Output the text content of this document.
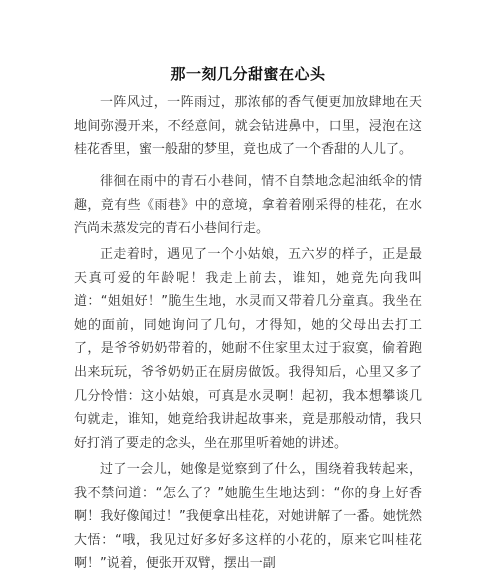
那一刻几分甜蜜在心头

一阵风过，一阵雨过，那浓郁的香气便更加放肆地在天地间弥漫开来，不经意间，就会钻进鼻中，口里，浸泡在这桂花香里，蜜一般甜的梦里，竟也成了一个香甜的人儿了。

徘徊在雨中的青石小巷间，情不自禁地念起油纸伞的情趣，竟有些《雨巷》中的意境，拿着着刚采得的桂花，在水汽尚未蒸发完的青石小巷间行走。

正走着时，遇见了一个小姑娘，五六岁的样子，正是最天真可爱的年龄呢！我走上前去，谁知，她竟先向我叫道：“姐姐好！”脆生生地，水灵而又带着几分童真。我坐在她的面前，同她询问了几句，才得知，她的父母出去打工了，是爷爷奶奶带着的，她耐不住家里太过于寂寞，偷着跑出来玩玩，爷爷奶奶正在厨房做饭。我得知后，心里又多了几分怜惜：这小姑娘，可真是水灵啊！起初，我本想攀谈几句就走，谁知，她竟给我讲起故事来，竟是那般动情，我只好打消了要走的念头，坐在那里听着她的讲述。

过了一会儿，她像是觉察到了什么，围绕着我转起来，我不禁问道：“怎么了？”她脆生生地达到：“你的身上好香啊！我好像闻过！”我便拿出桂花，对她讲解了一番。她恍然大悟：“哦，我见过好多好多这样的小花的，原来它叫桂花啊！”说着，便张开双臂，摆出一副
